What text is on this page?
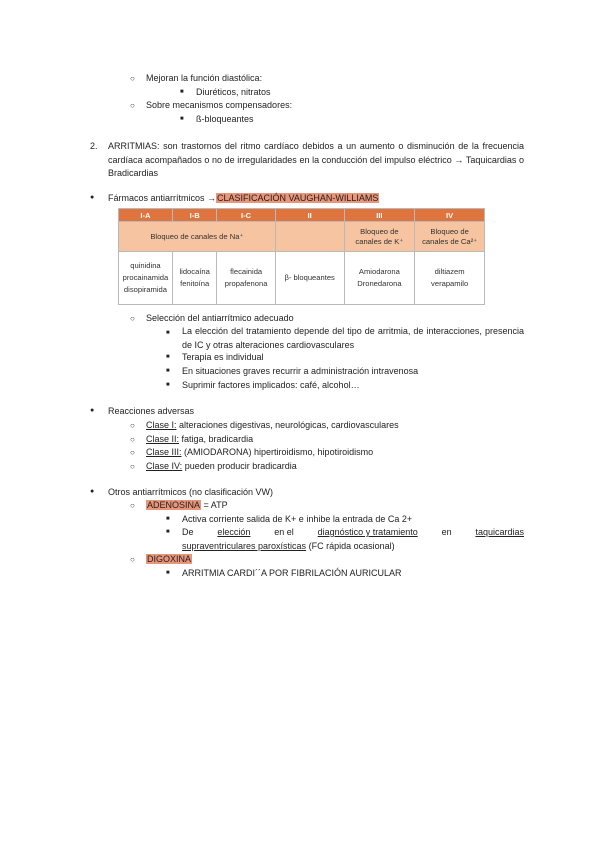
○ Mejoran la función diastólica:
■ Diuréticos, nitratos
○ Sobre mecanismos compensadores:
■ ß-bloqueantes
2. ARRITMIAS: son trastornos del ritmo cardíaco debidos a un aumento o disminución de la frecuencia cardíaca acompañados o no de irregularidades en la conducción del impulso eléctrico → Taquicardias o Bradicardias
● Fármacos antiarrítmicos →CLASIFICACIÓN VAUGHAN-WILLIAMS
I-A	I-B	I-C	II	III	IV
Bloqueo de canales de Na⁺				Bloqueo de canales de K⁺	Bloqueo de canales de Ca²⁺
quinidina procainamida disopiramida	lidocaína fenitoína	flecainida propafenona	β- bloqueantes	Amiodarona Dronedarona	diltiazem verapamilo
○ Selección del antiarrítmico adecuado
■ La elección del tratamiento depende del tipo de arritmia, de interacciones, presencia de IC y otras alteraciones cardiovasculares
■ Terapia es individual
■ En situaciones graves recurrir a administración intravenosa
■ Suprimir factores implicados: café, alcohol…
● Reacciones adversas
○ Clase I: alteraciones digestivas, neurológicas, cardiovasculares
○ Clase II: fatiga, bradicardia
○ Clase III: (AMIODARONA) hipertiroidismo, hipotiroidismo
○ Clase IV: pueden producir bradicardia
● Otros antiarrítmicos (no clasificación VW)
○ ADENOSINA = ATP
■ Activa corriente salida de K+ e inhibe la entrada de Ca 2+
■ De	elección	en el	diagnóstico y tratamiento	en	taquicardias
supraventriculares paroxísticas (FC rápida ocasional)
○ DIGOXINA
■ ARRITMIA CARDI´´A POR FIBRILACIÓN AURICULAR
